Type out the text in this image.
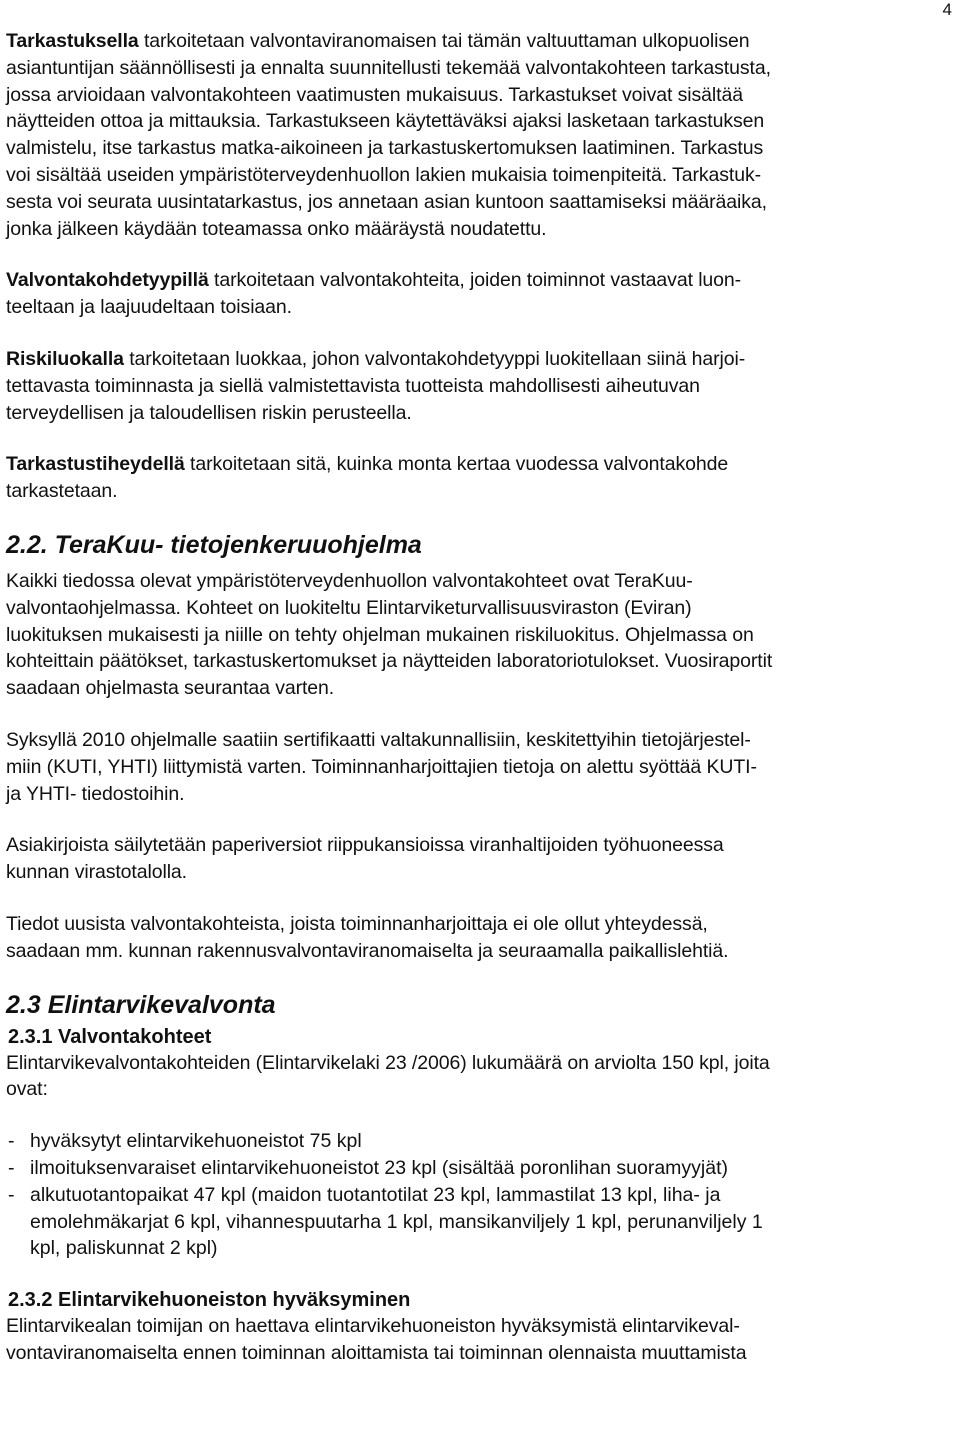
4

Tarkastuksella tarkoitetaan valvontaviranomaisen tai tämän valtuuttaman ulkopuolisen
asiantuntijan säännöllisesti ja ennalta suunnitellusti tekemää valvontakohteen tarkastusta,
jossa arvioidaan valvontakohteen vaatimusten mukaisuus. Tarkastukset voivat sisältää
näytteiden ottoa ja mittauksia. Tarkastukseen käytettäväksi ajaksi lasketaan tarkastuksen
valmistelu, itse tarkastus matka-aikoineen ja tarkastuskertomuksen laatiminen. Tarkastus
voi sisältää useiden ympäristöterveydenhuollon lakien mukaisia toimenpiteitä. Tarkastuk-
sesta voi seurata uusintatarkastus, jos annetaan asian kuntoon saattamiseksi määräaika,
jonka jälkeen käydään toteamassa onko määräystä noudatettu.

Valvontakohdetyypillä tarkoitetaan valvontakohteita, joiden toiminnot vastaavat luon-
teeltaan ja laajuudeltaan toisiaan.

Riskiluokalla tarkoitetaan luokkaa, johon valvontakohdetyyppi luokitellaan siinä harjoi-
tettavasta toiminnasta ja siellä valmistettavista tuotteista mahdollisesti aiheutuvan
terveydellisen ja taloudellisen riskin perusteella.

Tarkastustiheydellä tarkoitetaan sitä, kuinka monta kertaa vuodessa valvontakohde
tarkastetaan.

2.2. TeraKuu- tietojenkeruuohjelma

Kaikki tiedossa olevat ympäristöterveydenhuollon valvontakohteet ovat TeraKuu-
valvontaohjelmassa. Kohteet on luokiteltu Elintarviketurvallisuusviraston (Eviran)
luokituksen mukaisesti ja niille on tehty ohjelman mukainen riskiluokitus. Ohjelmassa on
kohteittain päätökset, tarkastuskertomukset ja näytteiden laboratoriotulokset. Vuosiraportit
saadaan ohjelmasta seurantaa varten.

Syksyllä 2010 ohjelmalle saatiin sertifikaatti valtakunnallisiin, keskitettyihin tietojärjestel-
miin (KUTI, YHTI) liittymistä varten. Toiminnanharjoittajien tietoja on alettu syöttää KUTI-
ja YHTI- tiedostoihin.

Asiakirjoista säilytetään paperiversiot riippukansioissa viranhaltijoiden työhuoneessa
kunnan virastotalolla.

Tiedot uusista valvontakohteista, joista toiminnanharjoittaja ei ole ollut yhteydessä,
saadaan mm. kunnan rakennusvalvontaviranomaiselta ja seuraamalla paikallislehtiä.

2.3 Elintarvikevalvonta
2.3.1 Valvontakohteet

Elintarvikevalvontakohteiden (Elintarvikelaki 23 /2006) lukumäärä on arviolta 150 kpl, joita
ovat:

- hyväksytyt elintarvikehuoneistot 75 kpl
- ilmoituksenvaraiset elintarvikehuoneistot 23 kpl (sisältää poronlihan suoramyyjät)
- alkutuotantopaikat 47 kpl (maidon tuotantotilat 23 kpl, lammastilat 13 kpl, liha- ja
emolehmäkarjat 6 kpl, vihannespuutarha 1 kpl, mansikanviljely 1 kpl, perunanviljely 1
kpl, paliskunnat 2 kpl)
2.3.2 Elintarvikehuoneiston hyväksyminen

Elintarvikealan toimijan on haettava elintarvikehuoneiston hyväksymistä elintarvikeval-
vontaviranomaiselta ennen toiminnan aloittamista tai toiminnan olennaista muuttamista
